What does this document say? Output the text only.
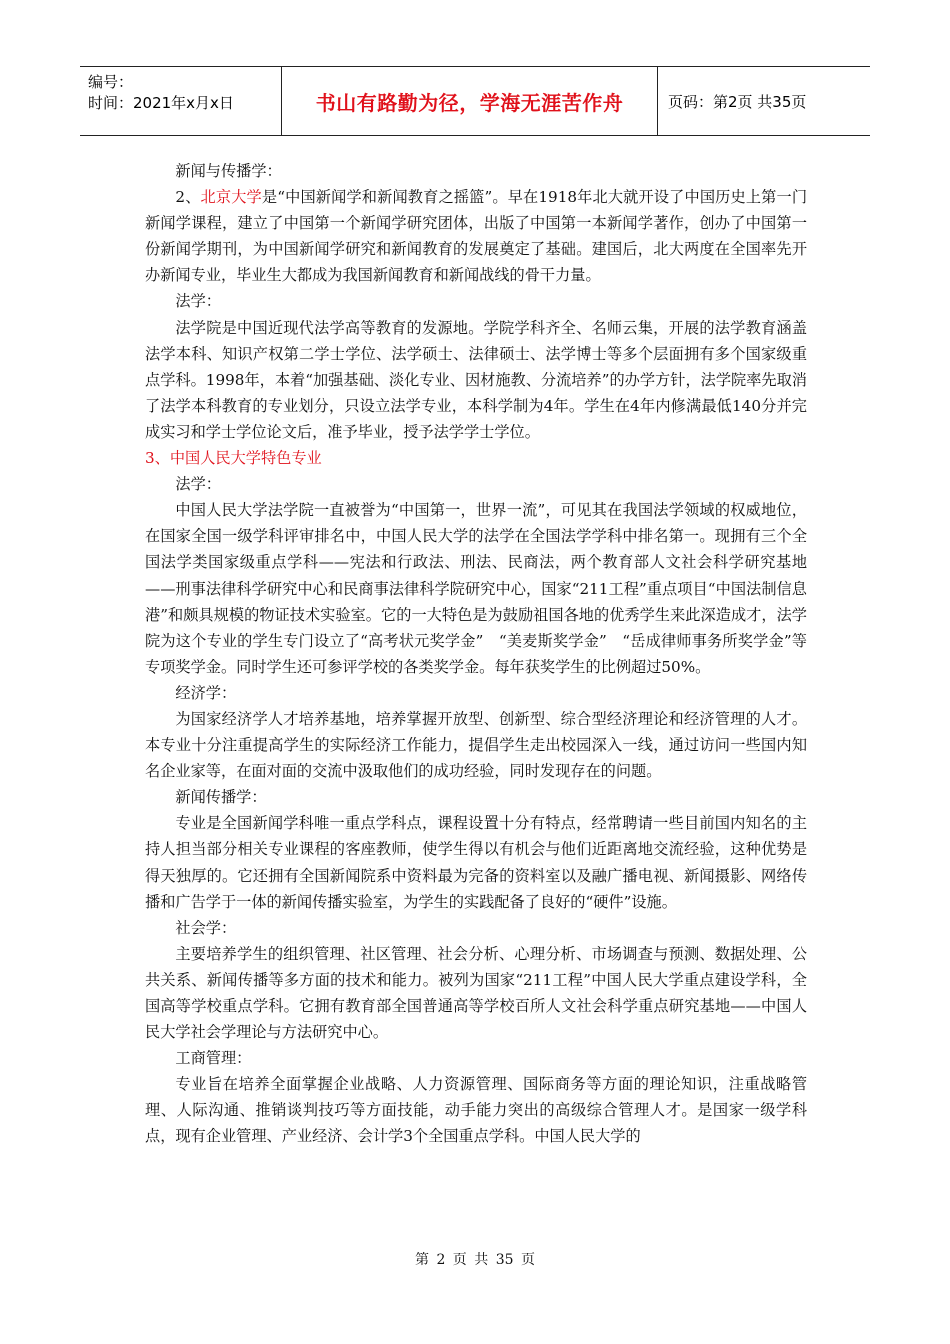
编号：
时间：2021年x月x日	书山有路勤为径，学海无涯苦作舟	页码：第2页 共35页

新闻与传播学：

2、北京大学是“中国新闻学和新闻教育之摇篮”。早在1918年北大就开设了中国历史上第一门新闻学课程，建立了中国第一个新闻学研究团体，出版了中国第一本新闻学著作，创办了中国第一份新闻学期刊，为中国新闻学研究和新闻教育的发展奠定了基础。建国后，北大两度在全国率先开办新闻专业，毕业生大都成为我国新闻教育和新闻战线的骨干力量。

法学：

法学院是中国近现代法学高等教育的发源地。学院学科齐全、名师云集，开展的法学教育涵盖法学本科、知识产权第二学士学位、法学硕士、法律硕士、法学博士等多个层面拥有多个国家级重点学科。1998年，本着“加强基础、淡化专业、因材施教、分流培养”的办学方针，法学院率先取消了法学本科教育的专业划分，只设立法学专业，本科学制为4年。学生在4年内修满最低140分并完成实习和学士学位论文后，准予毕业，授予法学学士学位。

3、中国人民大学特色专业

法学：

中国人民大学法学院一直被誉为“中国第一，世界一流”，可见其在我国法学领域的权威地位，在国家全国一级学科评审排名中，中国人民大学的法学在全国法学学科中排名第一。现拥有三个全国法学类国家级重点学科——宪法和行政法、刑法、民商法，两个教育部人文社会科学研究基地——刑事法律科学研究中心和民商事法律科学院研究中心，国家“211工程”重点项目“中国法制信息港”和颇具规模的物证技术实验室。它的一大特色是为鼓励祖国各地的优秀学生来此深造成才，法学院为这个专业的学生专门设立了“高考状元奖学金”　“美麦斯奖学金”　“岳成律师事务所奖学金”等专项奖学金。同时学生还可参评学校的各类奖学金。每年获奖学生的比例超过50%。

经济学：

为国家经济学人才培养基地，培养掌握开放型、创新型、综合型经济理论和经济管理的人才。本专业十分注重提高学生的实际经济工作能力，提倡学生走出校园深入一线，通过访问一些国内知名企业家等，在面对面的交流中汲取他们的成功经验，同时发现存在的问题。

新闻传播学：

专业是全国新闻学科唯一重点学科点，课程设置十分有特点，经常聘请一些目前国内知名的主持人担当部分相关专业课程的客座教师，使学生得以有机会与他们近距离地交流经验，这种优势是得天独厚的。它还拥有全国新闻院系中资料最为完备的资料室以及融广播电视、新闻摄影、网络传播和广告学于一体的新闻传播实验室，为学生的实践配备了良好的“硬件”设施。

社会学：

主要培养学生的组织管理、社区管理、社会分析、心理分析、市场调查与预测、数据处理、公共关系、新闻传播等多方面的技术和能力。被列为国家“211工程”中国人民大学重点建设学科，全国高等学校重点学科。它拥有教育部全国普通高等学校百所人文社会科学重点研究基地——中国人民大学社会学理论与方法研究中心。

工商管理：

专业旨在培养全面掌握企业战略、人力资源管理、国际商务等方面的理论知识，注重战略管理、人际沟通、推销谈判技巧等方面技能，动手能力突出的高级综合管理人才。是国家一级学科点，现有企业管理、产业经济、会计学3个全国重点学科。中国人民大学的

第 2 页 共 35 页
